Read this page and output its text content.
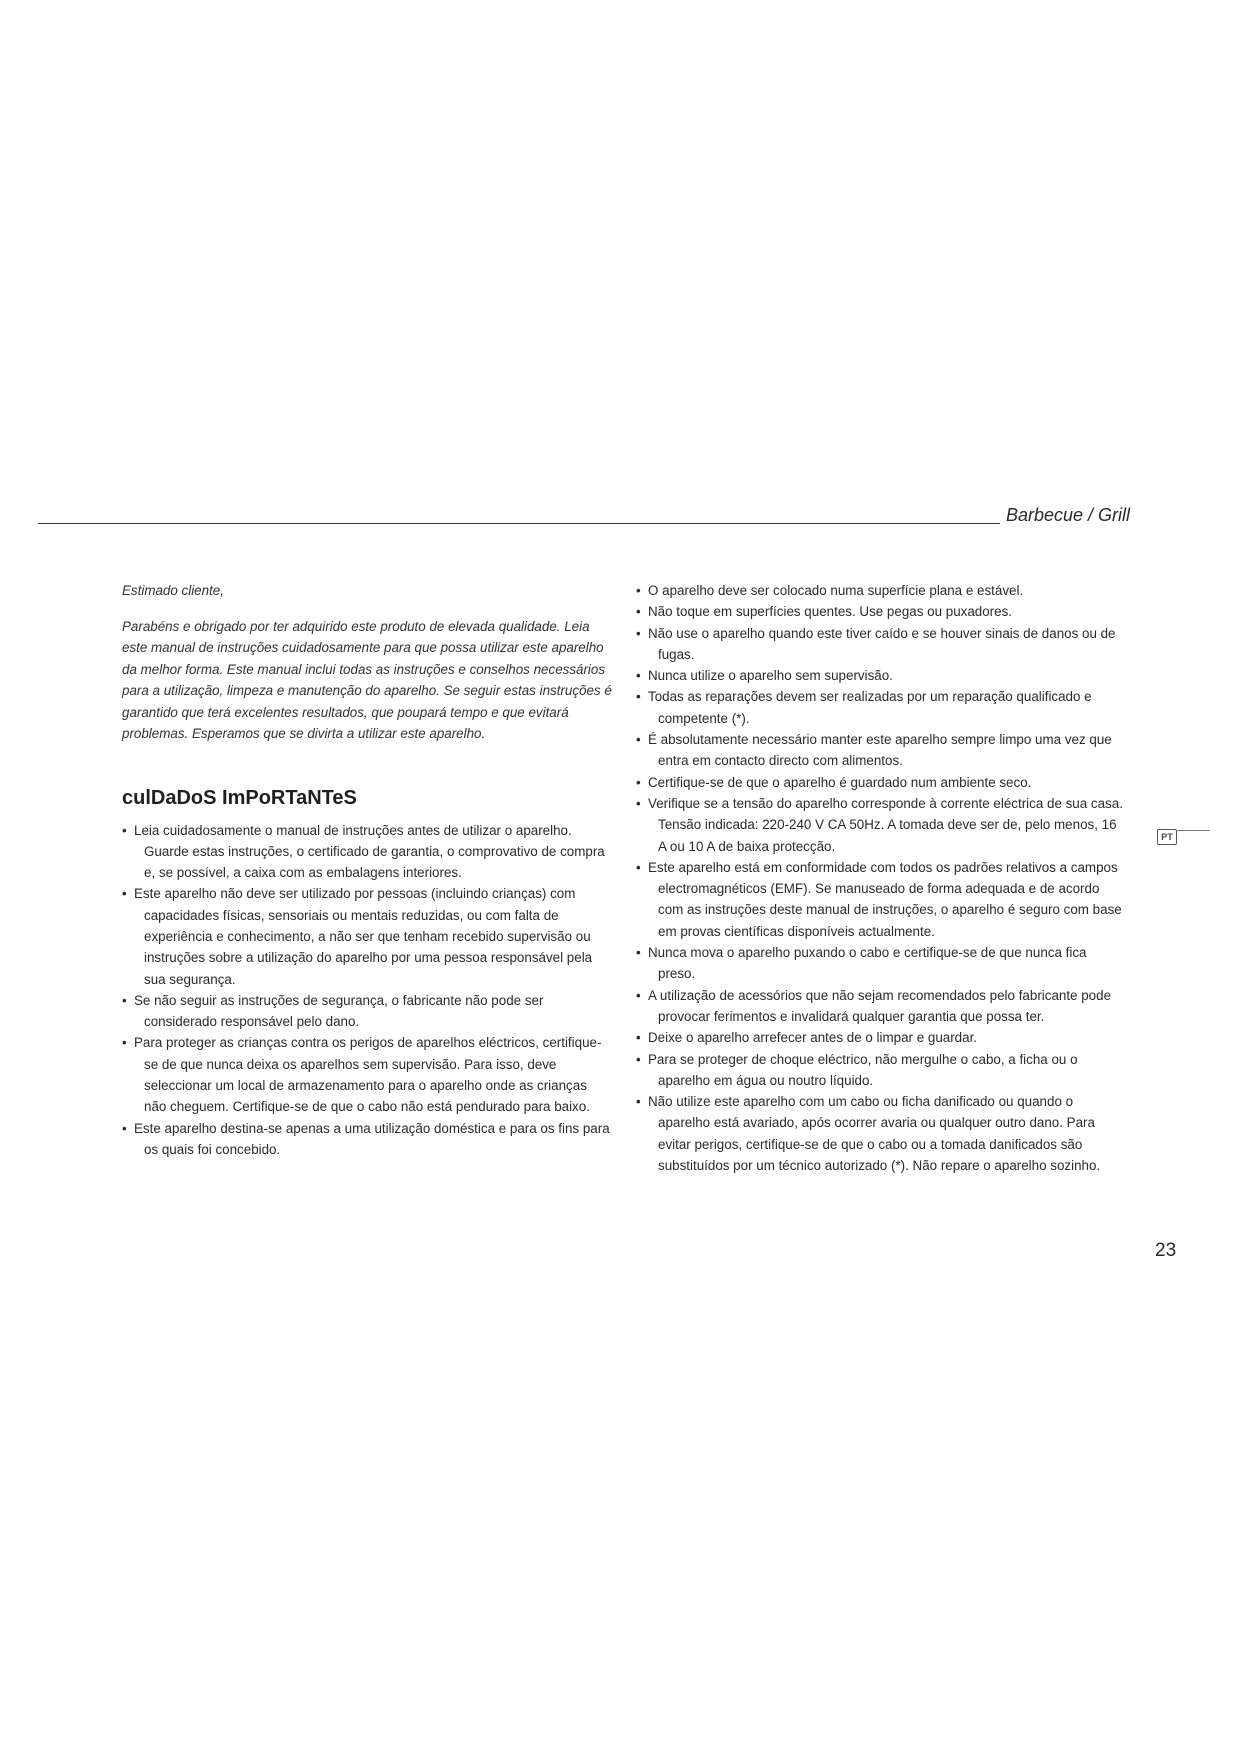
Barbecue / Grill

Estimado cliente,

Parabéns e obrigado por ter adquirido este produto de elevada qualidade. Leia este manual de instruções cuidadosamente para que possa utilizar este aparelho da melhor forma. Este manual inclui todas as instruções e conselhos necessários para a utilização, limpeza e manutenção do aparelho. Se seguir estas instruções é garantido que terá excelentes resultados, que poupará tempo e que evitará problemas. Esperamos que se divirta a utilizar este aparelho.

culDaDoS ImPoRTaNTeS
• Leia cuidadosamente o manual de instruções antes de utilizar o aparelho. Guarde estas instruções, o certificado de garantia, o comprovativo de compra e, se possível, a caixa com as embalagens interiores.
• Este aparelho não deve ser utilizado por pessoas (incluindo crianças) com capacidades físicas, sensoriais ou mentais reduzidas, ou com falta de experiência e conhecimento, a não ser que tenham recebido supervisão ou instruções sobre a utilização do aparelho por uma pessoa responsável pela sua segurança.
• Se não seguir as instruções de segurança, o fabricante não pode ser considerado responsável pelo dano.
• Para proteger as crianças contra os perigos de aparelhos eléctricos, certifique-se de que nunca deixa os aparelhos sem supervisão. Para isso, deve seleccionar um local de armazenamento para o aparelho onde as crianças não cheguem. Certifique-se de que o cabo não está pendurado para baixo.
• Este aparelho destina-se apenas a uma utilização doméstica e para os fins para os quais foi concebido.
• O aparelho deve ser colocado numa superfície plana e estável.
• Não toque em superfícies quentes. Use pegas ou puxadores.
• Não use o aparelho quando este tiver caído e se houver sinais de danos ou de fugas.
• Nunca utilize o aparelho sem supervisão.
• Todas as reparações devem ser realizadas por um reparação qualificado e competente (*).
• É absolutamente necessário manter este aparelho sempre limpo uma vez que entra em contacto directo com alimentos.
• Certifique-se de que o aparelho é guardado num ambiente seco.
• Verifique se a tensão do aparelho corresponde à corrente eléctrica de sua casa. Tensão indicada: 220-240 V CA 50Hz. A tomada deve ser de, pelo menos, 16 A ou 10 A de baixa protecção.
• Este aparelho está em conformidade com todos os padrões relativos a campos electromagnéticos (EMF). Se manuseado de forma adequada e de acordo com as instruções deste manual de instruções, o aparelho é seguro com base em provas científicas disponíveis actualmente.
• Nunca mova o aparelho puxando o cabo e certifique-se de que nunca fica preso.
• A utilização de acessórios que não sejam recomendados pelo fabricante pode provocar ferimentos e invalidará qualquer garantia que possa ter.
• Deixe o aparelho arrefecer antes de o limpar e guardar.
• Para se proteger de choque eléctrico, não mergulhe o cabo, a ficha ou o aparelho em água ou noutro líquido.
• Não utilize este aparelho com um cabo ou ficha danificado ou quando o aparelho está avariado, após ocorrer avaria ou qualquer outro dano. Para evitar perigos, certifique-se de que o cabo ou a tomada danificados são substituídos por um técnico autorizado (*). Não repare o aparelho sozinho.
PT
23
